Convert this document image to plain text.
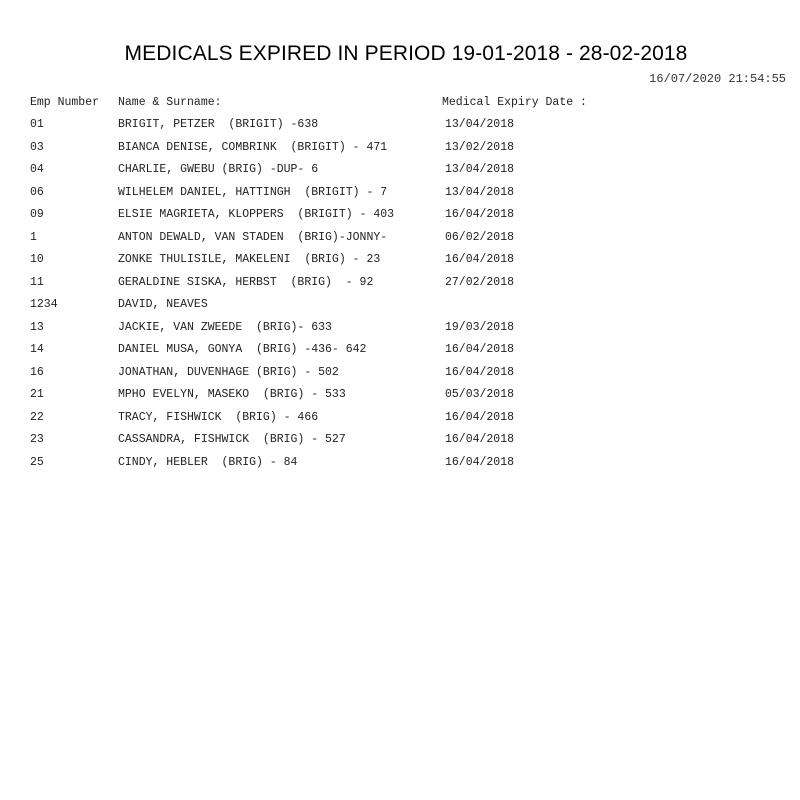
MEDICALS EXPIRED IN PERIOD 19-01-2018 - 28-02-2018
16/07/2020 21:54:55
Emp Number Name & Surname:	Medical Expiry Date :
01	BRIGIT, PETZER  (BRIGIT) -638	13/04/2018
03	BIANCA DENISE, COMBRINK  (BRIGIT) - 471	13/02/2018
04	CHARLIE, GWEBU (BRIG) -DUP- 6	13/04/2018
06	WILHELEM DANIEL, HATTINGH  (BRIGIT) - 7	13/04/2018
09	ELSIE MAGRIETA, KLOPPERS  (BRIGIT) - 403	16/04/2018
1	ANTON DEWALD, VAN STADEN  (BRIG)-JONNY-	06/02/2018
10	ZONKE THULISILE, MAKELENI  (BRIG) - 23	16/04/2018
11	GERALDINE SISKA, HERBST  (BRIG)  - 92	27/02/2018
1234	DAVID, NEAVES
13	JACKIE, VAN ZWEEDE  (BRIG)- 633	19/03/2018
14	DANIEL MUSA, GONYA  (BRIG) -436- 642	16/04/2018
16	JONATHAN, DUVENHAGE (BRIG) - 502	16/04/2018
21	MPHO EVELYN, MASEKO  (BRIG) - 533	05/03/2018
22	TRACY, FISHWICK  (BRIG) - 466	16/04/2018
23	CASSANDRA, FISHWICK  (BRIG) - 527	16/04/2018
25	CINDY, HEBLER  (BRIG) - 84	16/04/2018
